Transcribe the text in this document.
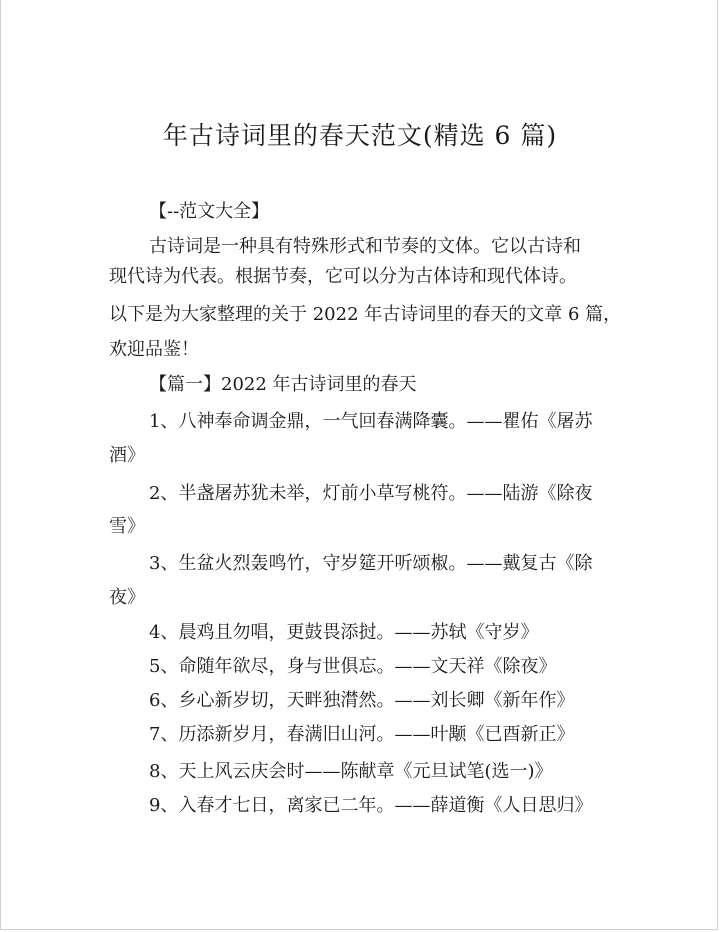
年古诗词里的春天范文(精选 6 篇)
【--范文大全】
古诗词是一种具有特殊形式和节奏的文体。它以古诗和
现代诗为代表。根据节奏，它可以分为古体诗和现代体诗。
以下是为大家整理的关于 2022 年古诗词里的春天的文章 6 篇，
欢迎品鉴！
【篇一】2022 年古诗词里的春天
1、八神奉命调金鼎，一气回春满降囊。——瞿佑《屠苏
酒》
2、半盏屠苏犹未举，灯前小草写桃符。——陆游《除夜
雪》
3、生盆火烈轰鸣竹，守岁筵开听颂椒。——戴复古《除
夜》
4、晨鸡且勿唱，更鼓畏添挝。——苏轼《守岁》
5、命随年欲尽，身与世俱忘。——文天祥《除夜》
6、乡心新岁切，天畔独潸然。——刘长卿《新年作》
7、历添新岁月，春满旧山河。——叶颙《已酉新正》
8、天上风云庆会时——陈献章《元旦试笔(选一)》
9、入春才七日，离家已二年。——薛道衡《人日思归》
